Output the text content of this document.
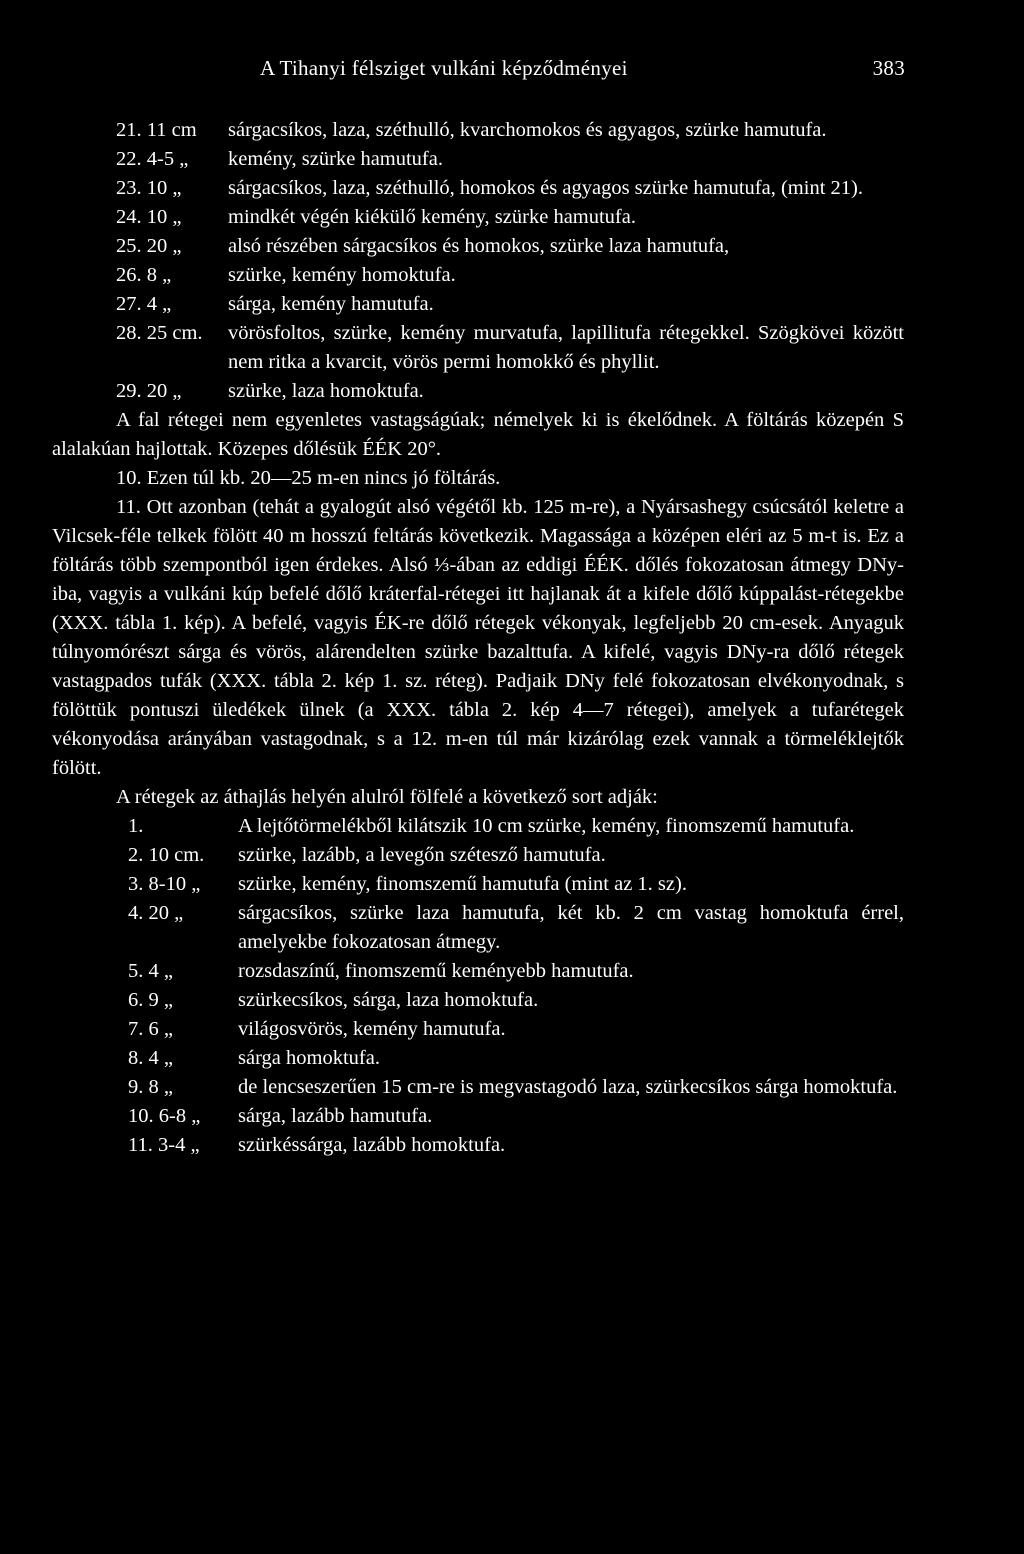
A Tihanyi félsziget vulkáni képződményei	383
21. 11 cm	sárgacsíkos, laza, széthulló, kvarchomokos és agyagos, szürke hamutufa.
22. 4-5 „	kemény, szürke hamutufa.
23. 10 „	sárgacsíkos, laza, széthulló, homokos és agyagos szürke hamutufa, (mint 21).
24. 10 „	mindkét végén kiékülő kemény, szürke hamutufa.
25. 20 „	alsó részében sárgacsíkos és homokos, szürke laza hamutufa,
26. 8 „	szürke, kemény homoktufa.
27. 4 „	sárga, kemény hamutufa.
28. 25 cm.	vörösfoltos, szürke, kemény murvatufa, lapillitufa rétegekkel. Szögkövei között nem ritka a kvarcit, vörös permi homokkő és phyllit.
29. 20 „	szürke, laza homoktufa.

A fal rétegei nem egyenletes vastagságúak; némelyek ki is ékelődnek. A föltárás közepén S alalakúan hajlottak. Közepes dőlésük ÉÉK 20°.

10. Ezen túl kb. 20—25 m-en nincs jó föltárás.

11. Ott azonban (tehát a gyalogút alsó végétől kb. 125 m-re), a Nyársashegy csúcsától keletre a Vilcsek-féle telkek fölött 40 m hosszú feltárás következik. Magassága a középen eléri az 5 m-t is. Ez a föltárás több szempontból igen érdekes. Alsó ⅓-ában az eddigi ÉÉK. dőlés fokozatosan átmegy DNy-iba, vagyis a vulkáni kúp befelé dőlő kráterfal-rétegei itt hajlanak át a kifele dőlő kúppalást-rétegekbe (XXX. tábla 1. kép). A befelé, vagyis ÉK-re dőlő rétegek vékonyak, legfeljebb 20 cm-esek. Anyaguk túlnyomórészt sárga és vörös, alárendelten szürke bazalttufa. A kifelé, vagyis DNy-ra dőlő rétegek vastagpados tufák (XXX. tábla 2. kép 1. sz. réteg). Padjaik DNy felé fokozatosan elvékonyodnak, s fölöttük pontuszi üledékek ülnek (a XXX. tábla 2. kép 4—7 rétegei), amelyek a tufarétegek vékonyodása arányában vastagodnak, s a 12. m-en túl már kizárólag ezek vannak a törmeléklejtők fölött.

A rétegek az áthajlás helyén alulról fölfelé a következő sort adják:

1.	A lejtőtörmelékből kilátszik 10 cm szürke, kemény, finomszemű hamutufa.
2. 10 cm.	szürke, lazább, a levegőn szétesző hamutufa.
3. 8-10 „	szürke, kemény, finomszemű hamutufa (mint az 1. sz).
4. 20 „	sárgacsíkos, szürke laza hamutufa, két kb. 2 cm vastag homoktufa érrel, amelyekbe fokozatosan átmegy.
5. 4 „	rozsdaszínű, finomszemű keményebb hamutufa.
6. 9 „	szürkecsíkos, sárga, laza homoktufa.
7. 6 „	világosvörös, kemény hamutufa.
8. 4 „	sárga homoktufa.
9. 8 „	de lencseszerűen 15 cm-re is megvastagodó laza, szürkecsíkos sárga homoktufa.
10. 6-8 „	sárga, lazább hamutufa.
11. 3-4 „	szürkéssárga, lazább homoktufa.
